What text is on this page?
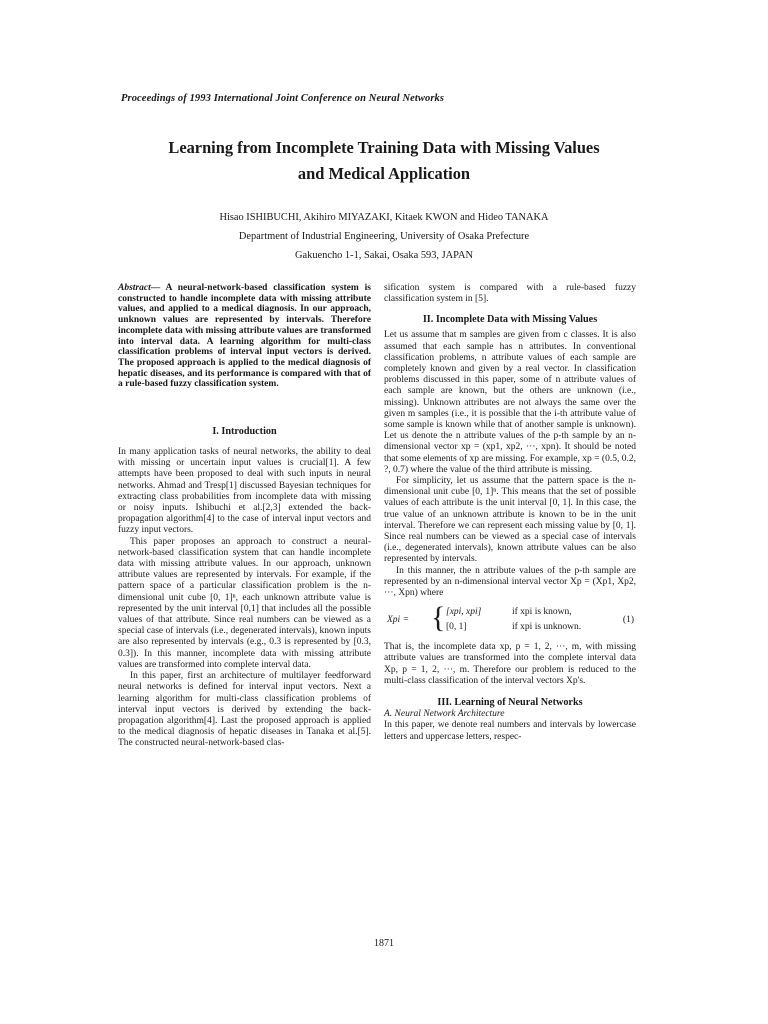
Proceedings of 1993 International Joint Conference on Neural Networks
Learning from Incomplete Training Data with Missing Values
and Medical Application
Hisao ISHIBUCHI, Akihiro MIYAZAKI, Kitaek KWON and Hideo TANAKA
Department of Industrial Engineering, University of Osaka Prefecture
Gakuencho 1-1, Sakai, Osaka 593, JAPAN

Abstract— A neural-network-based classification system is constructed to handle incomplete data with missing attribute values, and applied to a medical diagnosis. In our approach, unknown values are represented by intervals. Therefore incomplete data with missing attribute values are transformed into interval data. A learning algorithm for multi-class classification problems of interval input vectors is derived. The proposed approach is applied to the medical diagnosis of hepatic diseases, and its performance is compared with that of a rule-based fuzzy classification system.

I. Introduction

In many application tasks of neural networks, the ability to deal with missing or uncertain input values is crucial[1]. A few attempts have been proposed to deal with such inputs in neural networks. Ahmad and Tresp[1] discussed Bayesian techniques for extracting class probabilities from incomplete data with missing or noisy inputs. Ishibuchi et al.[2,3] extended the back-propagation algorithm[4] to the case of interval input vectors and fuzzy input vectors.

This paper proposes an approach to construct a neural-network-based classification system that can handle incomplete data with missing attribute values. In our approach, unknown attribute values are represented by intervals. For example, if the pattern space of a particular classification problem is the n-dimensional unit cube [0, 1]ⁿ, each unknown attribute value is represented by the unit interval [0,1] that includes all the possible values of that attribute. Since real numbers can be viewed as a special case of intervals (i.e., degenerated intervals), known inputs are also represented by intervals (e.g., 0.3 is represented by [0.3, 0.3]). In this manner, incomplete data with missing attribute values are transformed into complete interval data.

In this paper, first an architecture of multilayer feedforward neural networks is defined for interval input vectors. Next a learning algorithm for multi-class classification problems of interval input vectors is derived by extending the back-propagation algorithm[4]. Last the proposed approach is applied to the medical diagnosis of hepatic diseases in Tanaka et al.[5]. The constructed neural-network-based clas-

sification system is compared with a rule-based fuzzy classification system in [5].

II. Incomplete Data with Missing Values

Let us assume that m samples are given from c classes. It is also assumed that each sample has n attributes. In conventional classification problems, n attribute values of each sample are completely known and given by a real vector. In classification problems discussed in this paper, some of n attribute values of each sample are known, but the others are unknown (i.e., missing). Unknown attributes are not always the same over the given m samples (i.e., it is possible that the i-th attribute value of some sample is known while that of another sample is unknown). Let us denote the n attribute values of the p-th sample by an n-dimensional vector xp = (xp1, xp2, ···, xpn). It should be noted that some elements of xp are missing. For example, xp = (0.5, 0.2, ?, 0.7) where the value of the third attribute is missing.

For simplicity, let us assume that the pattern space is the n-dimensional unit cube [0, 1]ⁿ. This means that the set of possible values of each attribute is the unit interval [0, 1]. In this case, the true value of an unknown attribute is known to be in the unit interval. Therefore we can represent each missing value by [0, 1]. Since real numbers can be viewed as a special case of intervals (i.e., degenerated intervals), known attribute values can be also represented by intervals.

In this manner, the n attribute values of the p-th sample are represented by an n-dimensional interval vector Xp = (Xp1, Xp2, ···, Xpn) where

Xpi = { [xpi, xpi]	if xpi is known,
[0, 1]	if xpi is unknown.
(1)

That is, the incomplete data xp, p = 1, 2, ···, m, with missing attribute values are transformed into the complete interval data Xp, p = 1, 2, ···, m. Therefore our problem is reduced to the multi-class classification of the interval vectors Xp's.

III. Learning of Neural Networks

A. Neural Network Architecture

In this paper, we denote real numbers and intervals by lowercase letters and uppercase letters, respec-

1871
